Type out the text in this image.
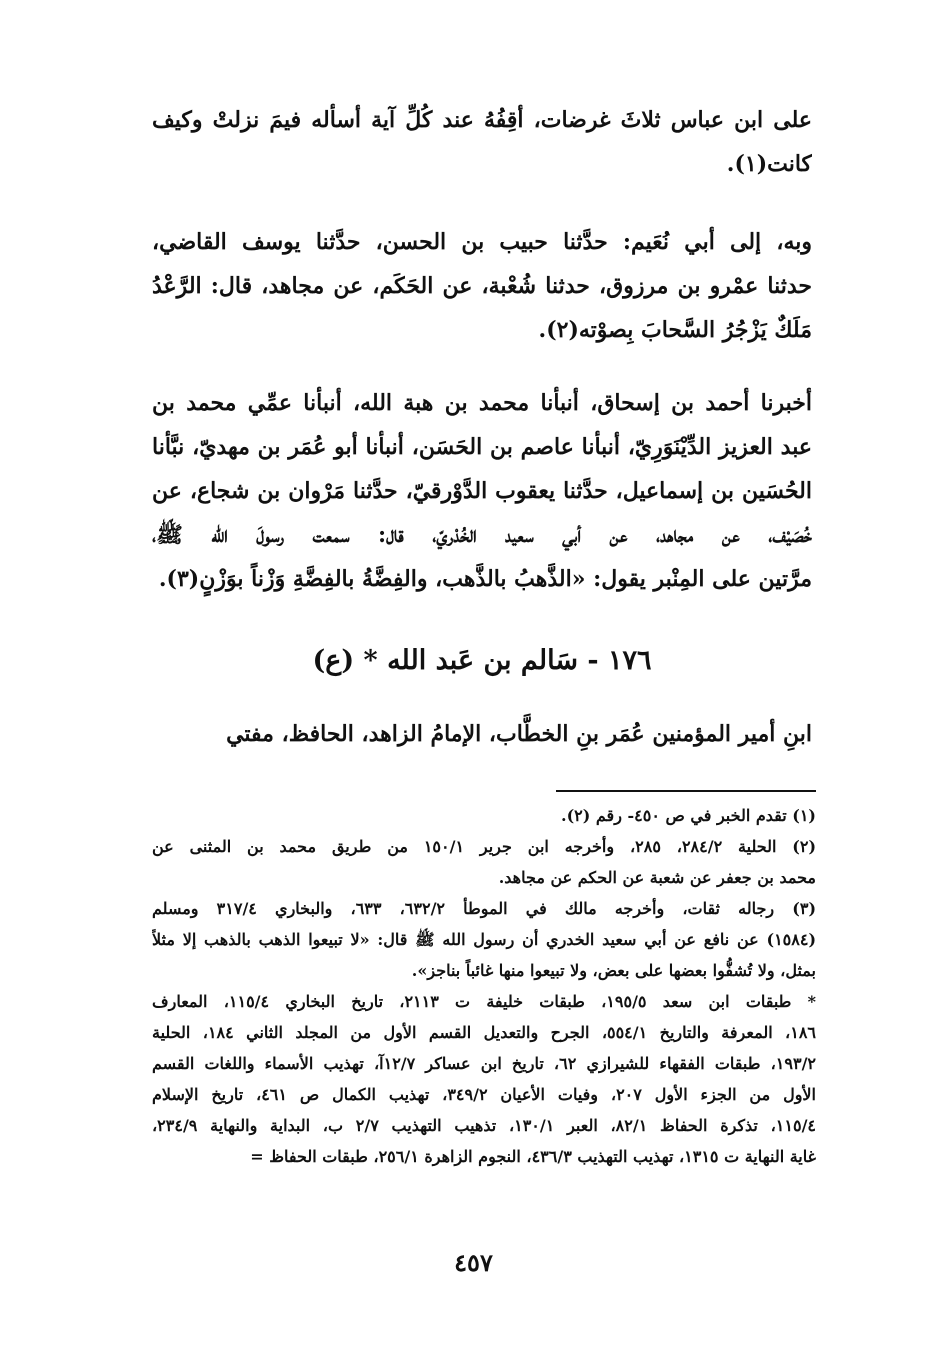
على ابن عباس ثلاثَ غرضات، أقِفُهُ عند كُلِّ آية أسأله فيمَ نزلتْ وكيف
كانت(١).
وبه، إلى أبي نُعَيم: حدَّثنا حبيب بن الحسن، حدَّثنا يوسف القاضي،
حدثنا عمْرو بن مرزوق، حدثنا شُعْبة، عن الحَكَم، عن مجاهد، قال: الرَّعْدُ
مَلَكٌ يَزْجُرُ السَّحابَ بِصوْته(٢).
أخبرنا أحمد بن إسحاق، أنبأنا محمد بن هبة الله، أنبأنا عمِّي محمد بن
عبد العزيز الدِّيْنَوَرِيّ، أنبأنا عاصم بن الحَسَن، أنبأنا أبو عُمَر بن مهديّ، نبَّأنا
الحُسَين بن إسماعيل، حدَّثنا يعقوب الدَّوْرقيّ، حدَّثنا مَرْوان بن شجاع، عن
خُصَيْف، عن مجاهد، عن أبي سعيد الخُدْريّ، قال: سمعت رسولَ الله ﷺ،
مرَّتين على المِنْبر يقول: «الذَّهبُ بالذَّهب، والفِضَّةُ بالفِضَّةِ وَزْناً بوَزْنٍ(٣).
١٧٦ - سَالم بن عَبد الله * (ع)
ابنِ أمير المؤمنين عُمَر بنِ الخطَّاب، الإمامُ الزاهد، الحافظ، مفتي
(١) تقدم الخبر في ص ٤٥٠- رقم (٢).
(٢) الحلية ٢٨٤/٢، ٢٨٥، وأخرجه ابن جرير ١٥٠/١ من طريق محمد بن المثنى عن
محمد بن جعفر عن شعبة عن الحكم عن مجاهد.
(٣) رجاله ثقات، وأخرجه مالك في الموطأ ٦٣٢/٢، ٦٣٣، والبخاري ٣١٧/٤ ومسلم
(١٥٨٤) عن نافع عن أبي سعيد الخدري أن رسول الله ﷺ قال: «لا تبيعوا الذهب بالذهب إلا مثلاً
بمثل، ولا تُشفُّوا بعضها على بعض، ولا تبيعوا منها غائباً بناجز».
* طبقات ابن سعد ١٩٥/٥، طبقات خليفة ت ٢١١٣، تاريخ البخاري ١١٥/٤، المعارف
١٨٦، المعرفة والتاريخ ٥٥٤/١، الجرح والتعديل القسم الأول من المجلد الثاني ١٨٤، الحلية
١٩٣/٢، طبقات الفقهاء للشيرازي ٦٢، تاريخ ابن عساكر ١٢/٧آ، تهذيب الأسماء واللغات القسم
الأول من الجزء الأول ٢٠٧، وفيات الأعيان ٣٤٩/٢، تهذيب الكمال ص ٤٦١، تاريخ الإسلام
١١٥/٤، تذكرة الحفاظ ٨٢/١، العبر ١٣٠/١، تذهيب التهذيب ٢/٧ ب، البداية والنهاية ٢٣٤/٩،
غاية النهاية ت ١٣١٥، تهذيب التهذيب ٤٣٦/٣، النجوم الزاهرة ٢٥٦/١، طبقات الحفاظ =
٤٥٧
